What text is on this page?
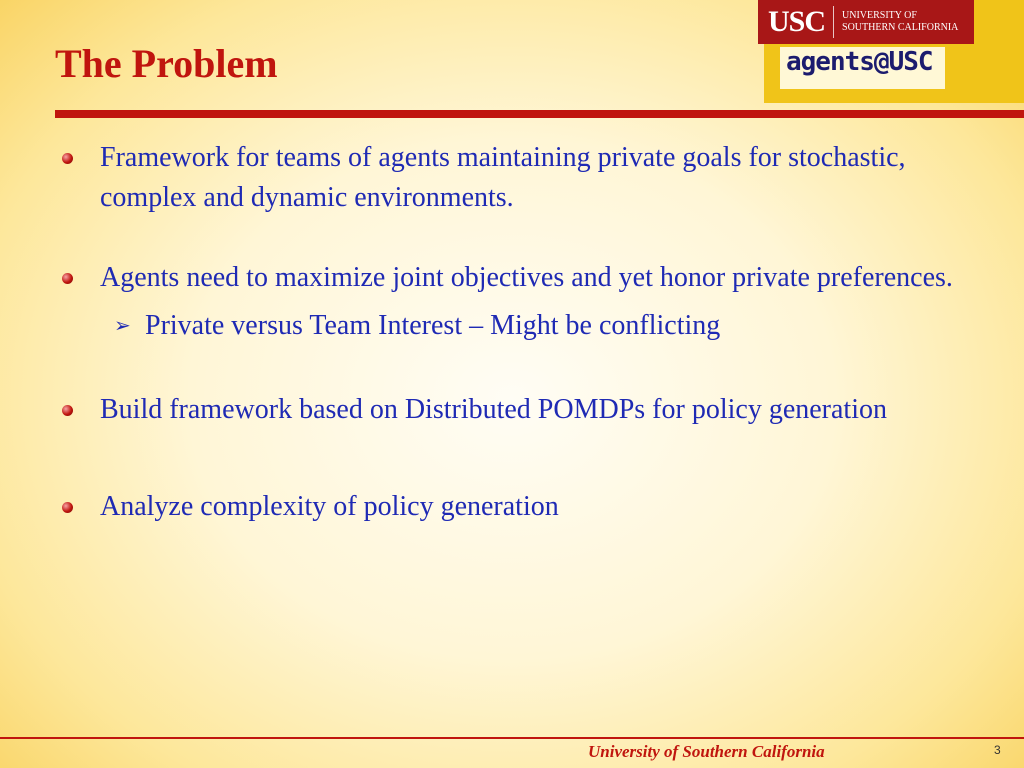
The Problem
USC UNIVERSITY OF
SOUTHERN CALIFORNIA
agents@USC
Framework for teams of agents maintaining private goals for stochastic, complex and dynamic environments.
Agents need to maximize joint objectives and yet honor private preferences.
➢ Private versus Team Interest – Might be conflicting
Build framework based on Distributed POMDPs for policy generation
Analyze complexity of policy generation
University of Southern California	3
